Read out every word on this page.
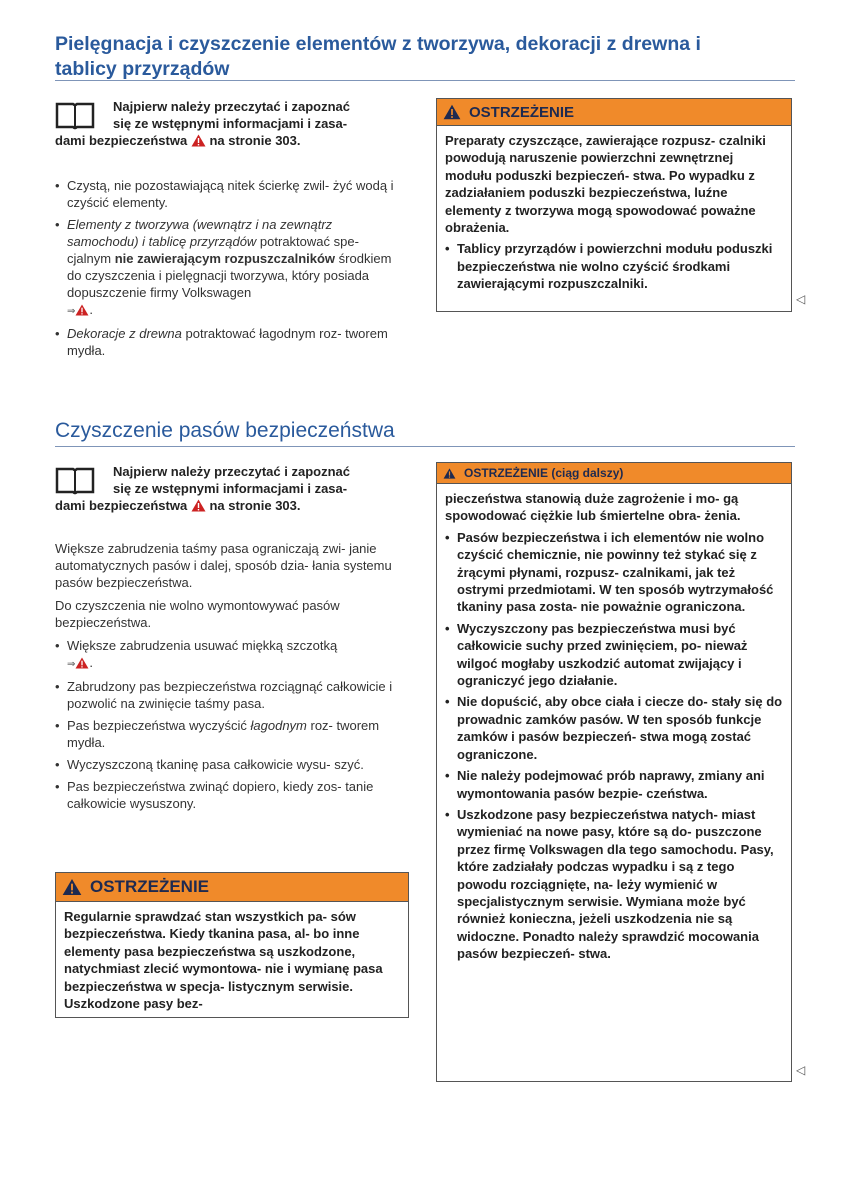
Pielęgnacja i czyszczenie elementów z tworzywa, dekoracji z drewna i
tablicy przyrządów
Najpierw należy przeczytać i zapoznać
się ze wstępnymi informacjami i zasa-
dami bezpieczeństwa na stronie 303.

• Czystą, nie pozostawiającą nitek ścierkę zwil- żyć wodą i czyścić elementy.

• Elementy z tworzywa (wewnątrz i na zewnątrz samochodu) i tablicę przyrządów potraktować spe- cjalnym nie zawierającym rozpuszczalników środkiem do czyszczenia i pielęgnacji tworzywa, który posiada dopuszczenie firmy Volkswagen
⇒ .

• Dekoracje z drewna potraktować łagodnym roz- tworem mydła.

OSTRZEŻENIE

Preparaty czyszczące, zawierające rozpusz- czalniki powodują naruszenie powierzchni zewnętrznej modułu poduszki bezpieczeń- stwa. Po wypadku z zadziałaniem poduszki bezpieczeństwa, luźne elementy z tworzywa mogą spowodować poważne obrażenia.

• Tablicy przyrządów i powierzchni modułu poduszki bezpieczeństwa nie wolno czyścić środkami zawierającymi rozpuszczalniki.

◁
Czyszczenie pasów bezpieczeństwa
Najpierw należy przeczytać i zapoznać
się ze wstępnymi informacjami i zasa-
dami bezpieczeństwa na stronie 303.

Większe zabrudzenia taśmy pasa ograniczają zwi- janie automatycznych pasów i dalej, sposób dzia- łania systemu pasów bezpieczeństwa.

Do czyszczenia nie wolno wymontowywać pasów bezpieczeństwa.

• Większe zabrudzenia usuwać miękką szczotką
⇒ .

• Zabrudzony pas bezpieczeństwa rozciągnąć całkowicie i pozwolić na zwinięcie taśmy pasa.

• Pas bezpieczeństwa wyczyścić łagodnym roz- tworem mydła.

• Wyczyszczoną tkaninę pasa całkowicie wysu- szyć.

• Pas bezpieczeństwa zwinąć dopiero, kiedy zos- tanie całkowicie wysuszony.

OSTRZEŻENIE

Regularnie sprawdzać stan wszystkich pa- sów bezpieczeństwa. Kiedy tkanina pasa, al- bo inne elementy pasa bezpieczeństwa są uszkodzone, natychmiast zlecić wymontowa- nie i wymianę pasa bezpieczeństwa w specja- listycznym serwisie. Uszkodzone pasy bez-

OSTRZEŻENIE (ciąg dalszy)

pieczeństwa stanowią duże zagrożenie i mo- gą spowodować ciężkie lub śmiertelne obra- żenia.

• Pasów bezpieczeństwa i ich elementów nie wolno czyścić chemicznie, nie powinny też stykać się z żrącymi płynami, rozpusz- czalnikami, jak też ostrymi przedmiotami. W ten sposób wytrzymałość tkaniny pasa zosta- nie poważnie ograniczona.

• Wyczyszczony pas bezpieczeństwa musi być całkowicie suchy przed zwinięciem, po- nieważ wilgoć mogłaby uszkodzić automat zwijający i ograniczyć jego działanie.

• Nie dopuścić, aby obce ciała i ciecze do- stały się do prowadnic zamków pasów. W ten sposób funkcje zamków i pasów bezpieczeń- stwa mogą zostać ograniczone.

• Nie należy podejmować prób naprawy, zmiany ani wymontowania pasów bezpie- czeństwa.

• Uszkodzone pasy bezpieczeństwa natych- miast wymieniać na nowe pasy, które są do- puszczone przez firmę Volkswagen dla tego samochodu. Pasy, które zadziałały podczas wypadku i są z tego powodu rozciągnięte, na- leży wymienić w specjalistycznym serwisie. Wymiana może być również konieczna, jeżeli uszkodzenia nie są widoczne. Ponadto należy sprawdzić mocowania pasów bezpieczeń- stwa.

◁
